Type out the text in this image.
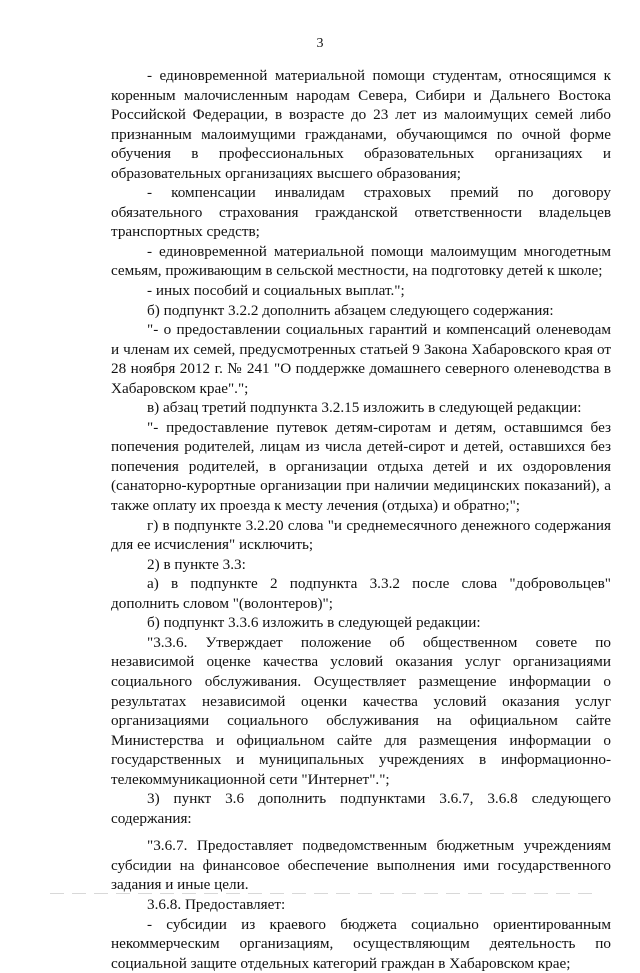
3

- единовременной материальной помощи студентам, относящимся к коренным малочисленным народам Севера, Сибири и Дальнего Востока Российской Федерации, в возрасте до 23 лет из малоимущих семей либо признанным малоимущими гражданами, обучающимся по очной форме обучения в профессиональных образовательных организациях и образовательных организациях высшего образования;

- компенсации инвалидам страховых премий по договору обязательного страхования гражданской ответственности владельцев транспортных средств;

- единовременной материальной помощи малоимущим многодетным семьям, проживающим в сельской местности, на подготовку детей к школе;

- иных пособий и социальных выплат.";

б) подпункт 3.2.2 дополнить абзацем следующего содержания:

"- о предоставлении социальных гарантий и компенсаций оленеводам и членам их семей, предусмотренных статьей 9 Закона Хабаровского края от 28 ноября 2012 г. № 241 "О поддержке домашнего северного оленеводства в Хабаровском крае".";

в) абзац третий подпункта 3.2.15 изложить в следующей редакции:

"- предоставление путевок детям-сиротам и детям, оставшимся без попечения родителей, лицам из числа детей-сирот и детей, оставшихся без попечения родителей, в организации отдыха детей и их оздоровления (санаторно-курортные организации при наличии медицинских показаний), а также оплату их проезда к месту лечения (отдыха) и обратно;";

г) в подпункте 3.2.20 слова "и среднемесячного денежного содержания для ее исчисления" исключить;

2) в пункте 3.3:

а) в подпункте 2 подпункта 3.3.2 после слова "добровольцев" дополнить словом "(волонтеров)";

б) подпункт 3.3.6 изложить в следующей редакции:

"3.3.6. Утверждает положение об общественном совете по независимой оценке качества условий оказания услуг организациями социального обслуживания. Осуществляет размещение информации о результатах независимой оценки качества условий оказания услуг организациями социального обслуживания на официальном сайте Министерства и официальном сайте для размещения информации о государственных и муниципальных учреждениях в информационно-телекоммуникационной сети "Интернет".";

3) пункт 3.6 дополнить подпунктами 3.6.7, 3.6.8 следующего содержания:

"3.6.7. Предоставляет подведомственным бюджетным учреждениям субсидии на финансовое обеспечение выполнения ими государственного задания и иные цели.

3.6.8. Предоставляет:

- субсидии из краевого бюджета социально ориентированным некоммерческим организациям, осуществляющим деятельность по социальной защите отдельных категорий граждан в Хабаровском крае;
